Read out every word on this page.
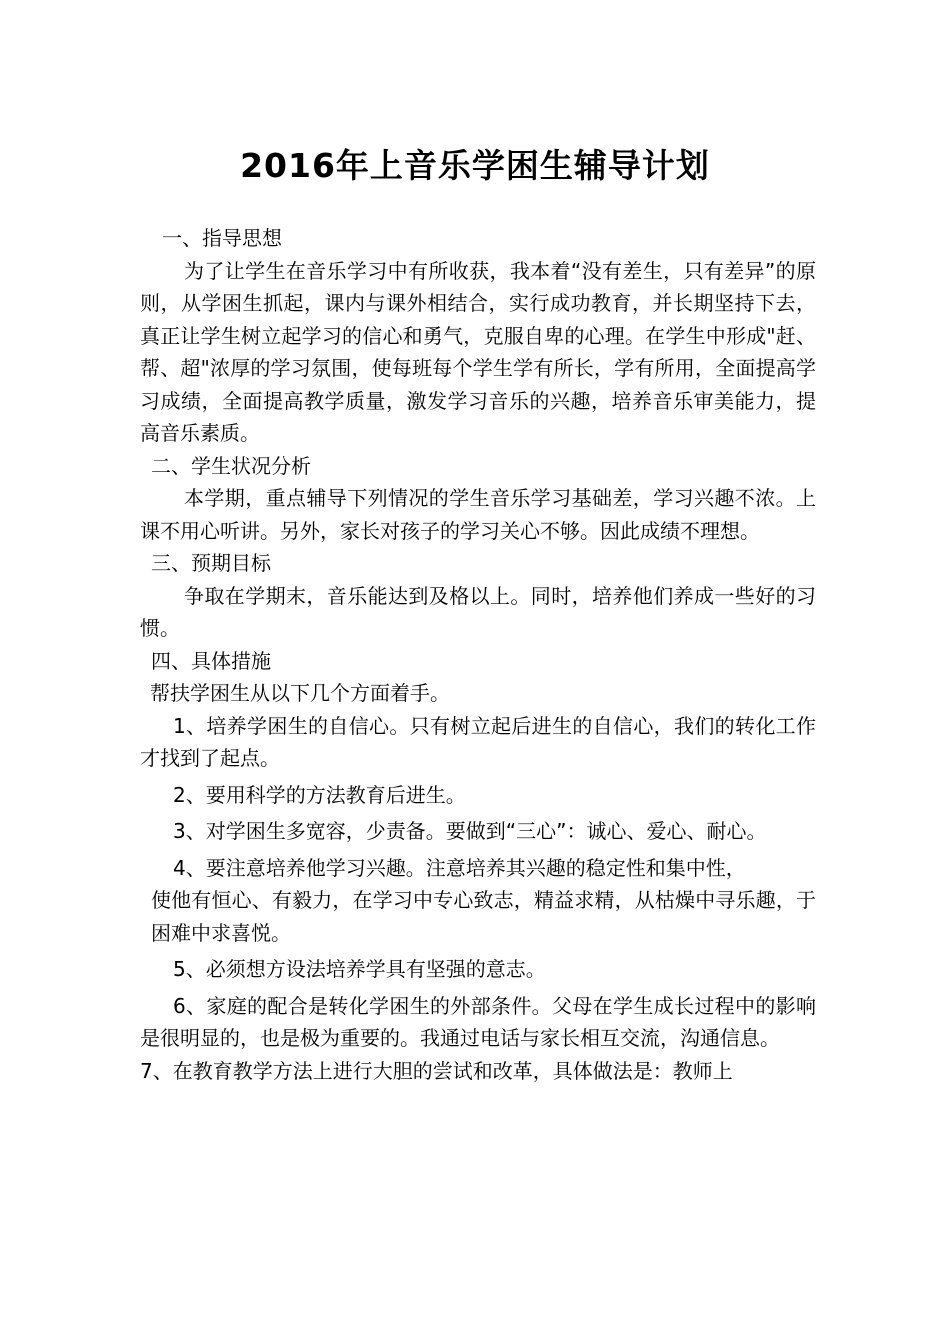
2016年上音乐学困生辅导计划

一、指导思想

为了让学生在音乐学习中有所收获，我本着“没有差生，只有差异”的原则，从学困生抓起，课内与课外相结合，实行成功教育，并长期坚持下去，真正让学生树立起学习的信心和勇气，克服自卑的心理。在学生中形成"赶、帮、超"浓厚的学习氛围，使每班每个学生学有所长，学有所用，全面提高学习成绩，全面提高教学质量，激发学习音乐的兴趣，培养音乐审美能力，提高音乐素质。

二、学生状况分析

本学期，重点辅导下列情况的学生音乐学习基础差，学习兴趣不浓。上课不用心听讲。另外，家长对孩子的学习关心不够。因此成绩不理想。

三、预期目标

争取在学期末，音乐能达到及格以上。同时，培养他们养成一些好的习惯。

四、具体措施

帮扶学困生从以下几个方面着手。

1、培养学困生的自信心。只有树立起后进生的自信心，我们的转化工作才找到了起点。

2、要用科学的方法教育后进生。

3、对学困生多宽容，少责备。要做到“三心”：诚心、爱心、耐心。

4、要注意培养他学习兴趣。注意培养其兴趣的稳定性和集中性，
使他有恒心、有毅力，在学习中专心致志，精益求精，从枯燥中寻乐趣，于困难中求喜悦。

5、必须想方设法培养学具有坚强的意志。

6、家庭的配合是转化学困生的外部条件。父母在学生成长过程中的影响是很明显的，也是极为重要的。我通过电话与家长相互交流，沟通信息。

7、在教育教学方法上进行大胆的尝试和改革，具体做法是：教师上
